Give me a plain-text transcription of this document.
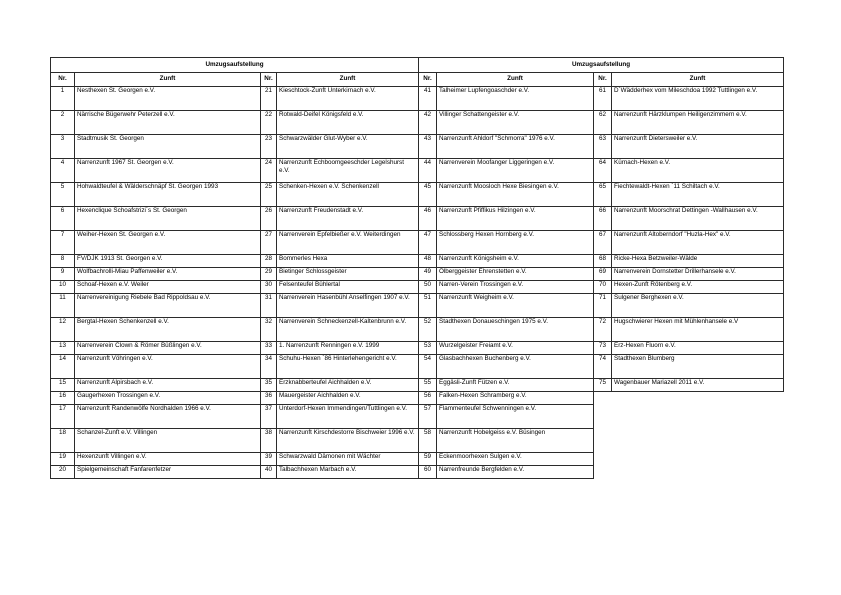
Umzugsaufstellung			
Nr.	Zunft	Nr.	Zunft
1	Nesthexen St. Georgen e.V.	21	Kieschtock-Zunft Unterkirnach e.V.
2	Närrische Bügerwehr Peterzell e.V.	22	Rotwald-Deifel Königsfeld e.V.
3	Stadtmusik St. Georgen	23	Schwarzwälder Glut-Wyber e.V.
4	Narrenzunft 1967 St. Georgen e.V.	24	Narrenzunft Echboomgeeschder Legelshurst e.V.
5	Hohwaldteufel & Wälderschnäpf St. Georgen 1993	25	Schenken-Hexen e.V. Schenkenzell
6	Hexenclique Schoafstrizi´s St. Georgen	26	Narrenzunft Freudenstadt e.V.
7	Weiher-Hexen St. Georgen e.V.	27	Narrenverein Epfelbießer e.V. Weiterdingen
8	FV/DJK 1913 St. Georgen e.V.	28	Bommerles Hexa
9	Wolfbachrolli-Miau Paffenweiler e.V.	29	Bietinger Schlossgeister
10	Schoaf-Hexen e.V. Weiler	30	Felsenteufel Bühlertal
11	Narrenvereinigung Riebele Bad Rippoldsau e.V.	31	Narrenverein Hasenbühl Anselfingen 1907 e.V.
12	Bergtal-Hexen Schenkenzell e.V.	32	Narrenverein Schneckenzell-Kaltenbrunn e.V.
13	Narrenverein Clown & Römer Büßlingen e.V.	33	1. Narrenzunft Renningen e.V. 1999
14	Narrenzunft Vöhringen e.V.	34	Schuhu-Hexen ´86 Hinterlehengericht e.V.
15	Narrenzunft Alpirsbach e.V.	35	Erzknabberteufel Aichhalden e.V.
16	Gaugerhexen Trossingen e.V.	36	Mauergeister Aichhalden e.V.
17	Narrenzunft Randenwölfe Nordhalden 1966 e.V.	37	Unterdorf-Hexen Immendingen/Tuttlingen e.V.
18	Schanzel-Zunft e.V. Villingen	38	Narrenzunft Kirschdestorre Bischweier 1996 e.V.
19	Hexenzunft Villingen e.V.	39	Schwarzwald Dämonen mit Wächter
20	Spielgemeinschaft Fanfarenfetzer	40	Talbachhexen Marbach e.V.
Umzugsaufstellung			
Nr.	Zunft	Nr.	Zunft
41	Talheimer Lupfengoaschder e.V.	61	D´Wädderhex vom Mileschdoa 1992 Tuttlingen e.V.
42	Villinger Schattengeister e.V.	62	Narrenzunft Härzklumpen Heiligenzimmern e.V.
43	Narrenzunft Ahldorf "Schmorra" 1976 e.V.	63	Narrenzunft Dietersweiler e.V.
44	Narrenverein Moofanger Liggeringen e.V.	64	Kürnach-Hexen e.V.
45	Narrenzunft Moosloch Hexe Biesingen e.V.	65	Fiechtewaldt-Hexen ´11 Schiltach e.V.
46	Narrenzunft Pfiffikus Hilzingen e.V.	66	Narrenzunft Moorschrat Dettingen -Wallhausen e.V.
47	Schlossberg Hexen Hornberg e.V.	67	Narrenzunft Altoberndorf "Huzla-Hex" e.V.
48	Narrenzunft Königsheim e.V.	68	Ricke-Hexa Betzweiler-Wälde
49	Ölberggeister Ehrenstetten e.V.	69	Narrenverein Dornstetter Drillerhansele e.V.
50	Narren-Verein Trossingen e.V.	70	Hexen-Zunft Rötenberg e.V.
51	Narrenzunft Weigheim e.V.	71	Sulgener Berghexen e.V.
52	Stadthexen Donaueschingen 1975 e.V.	72	Hugschwierer Hexen mit Mühlenhansele e.V
53	Wurzelgeister Freiamt e.V.	73	Erz-Hexen Fluorn e.V.
54	Glasbachhexen Buchenberg e.V.	74	Stadthexen Blumberg
55	Eggäsli-Zunft Fützen e.V.	75	Wagenbauer Mariazell 2011 e.V.
56	Falken-Hexen Schramberg e.V.		
57	Flammenteufel Schwenningen e.V.		
58	Narrenzunft Hobelgeiss e.V. Büsingen		
59	Eckenmoorhexen Sulgen e.V.		
60	Narrenfreunde Bergfelden e.V.		
